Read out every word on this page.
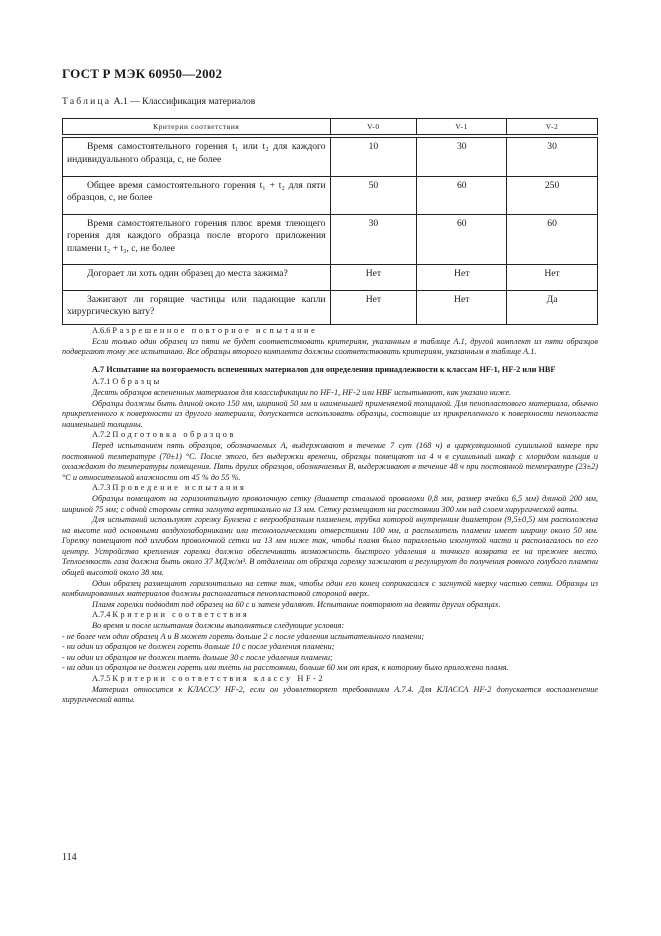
ГОСТ Р МЭК 60950—2002
Таблица А.1 — Классификация материалов
Критерии соответствия	V-0	V-1	V-2
Время самостоятельного горения t₁ или t₂ для каждого индивидуального образца, с, не более	10	30	30
Общее время самостоятельного горения t₁ + t₂ для пяти образцов, с, не более	50	60	250
Время самостоятельного горения плюс время тлеющего горения для каждого образца после второго приложения пламени t₂ + t₃, с, не более	30	60	60
Догорает ли хоть один образец до места зажима?	Нет	Нет	Нет
Зажигают ли горящие частицы или падающие капли хирургическую вату?	Нет	Нет	Да

А.6.6 Разрешенное повторное испытание

Если только один образец из пяти не будет соответствовать критериям, указанным в таблице А.1, другой комплект из пяти образцов подвергают тому же испытанию. Все образцы второго комплекта должны соответствовать критериям, указанным в таблице А.1.

А.7 Испытание на возгораемость вспененных материалов для определения принадлежности к классам HF-1, HF-2 или HBF

А.7.1 Образцы

Десять образцов вспененных материалов для классификации по HF-1, HF-2 или HBF испытывают, как указано ниже.

Образцы должны быть длиной около 150 мм, шириной 50 мм и наименьшей применяемой толщиной. Для пенопластового материала, обычно прикрепленного к поверхности из другого материала, допускается использовать образцы, состоящие из прикрепленного к поверхности пенопласта наименьшей толщины.

А.7.2 Подготовка образцов

Перед испытанием пять образцов, обозначаемых А, выдерживают в течение 7 сут (168 ч) в циркуляционной сушильной камере при постоянной температуре (70±1) °С. После этого, без выдержки времени, образцы помещают на 4 ч в сушильный шкаф с хлоридом кальция и охлаждают до температуры помещения. Пять других образцов, обозначаемых В, выдерживают в течение 48 ч при постоянной температуре (23±2) °С и относительной влажности от 45 % до 55 %.

А.7.3 Проведение испытания

Образцы помещают на горизонтальную проволочную сетку (диаметр стальной проволоки 0,8 мм, размер ячейки 6,5 мм) длиной 200 мм, шириной 75 мм; с одной стороны сетка загнута вертикально на 13 мм. Сетку размещают на расстоянии 300 мм над слоем хирургической ваты.

Для испытаний используют горелку Бунзена с веерообразным пламенем, трубка которой внутренним диаметром (9,5±0,5) мм расположена на высоте над основными воздухозаборниками или технологическими отверстиями 100 мм, а распылитель пламени имеет ширину около 50 мм. Горелку помещают под изгибом проволочной сетки на 13 мм ниже так, чтобы пламя было параллельно изогнутой части и располагалось по его центру. Устройство крепления горелки должно обеспечивать возможность быстрого удаления и точного возврата ее на прежнее место. Теплоемкость газа должна быть около 37 МДж/м³. В отдалении от образца горелку зажигают и регулируют до получения ровного голубого пламени общей высотой около 38 мм.

Один образец размещают горизонтально на сетке так, чтобы один его конец соприкасался с загнутой кверху частью сетки. Образцы из комбинированных материалов должны располагаться пенопластовой стороной вверх.

Пламя горелки подводят под образец на 60 с и затем удаляют. Испытание повторяют на девяти других образцах.

А.7.4 Критерии соответствия

Во время и после испытания должны выполняться следующие условия:

- не более чем один образец А и В может гореть дольше 2 с после удаления испытательного пламени;

- ни один из образцов не должен гореть дольше 10 с после удаления пламени;

- ни один из образцов не должен тлеть дольше 30 с после удаления пламени;

- ни один из образцов не должен гореть или тлеть на расстоянии, больше 60 мм от края, к которому было приложено пламя.

А.7.5 Критерии соответствия классу HF-2

Материал относится к КЛАССУ HF-2, если он удовлетворяет требованиям А.7.4. Для КЛАССА HF-2 допускается воспламенение хирургической ваты.

114
